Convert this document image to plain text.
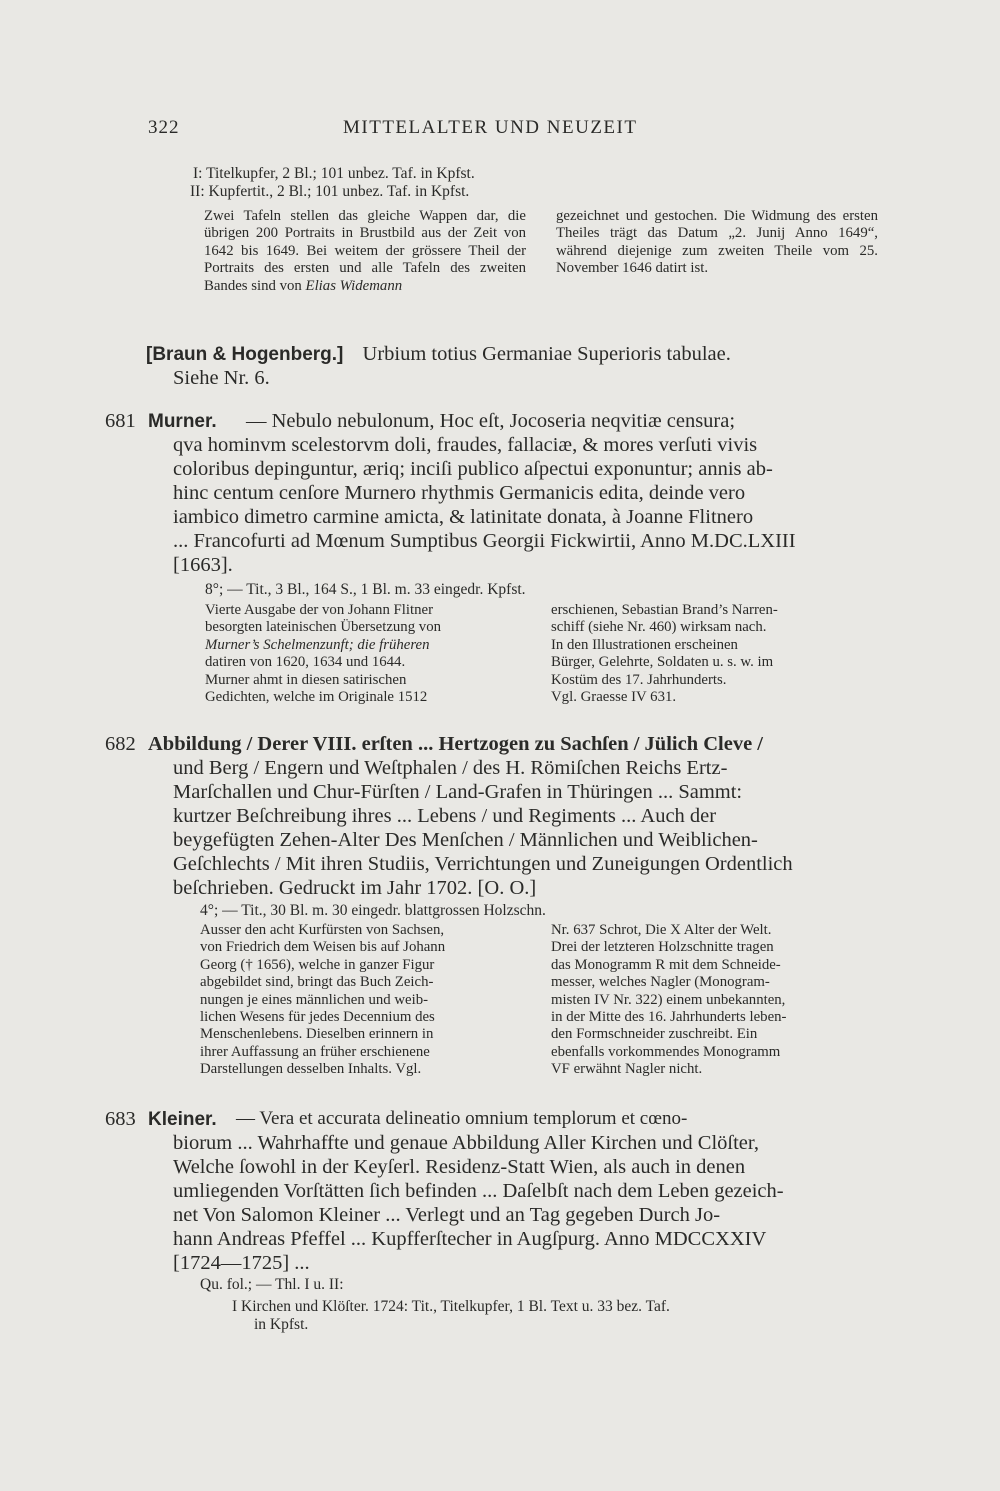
322	MITTELALTER UND NEUZEIT
I: Titelkupfer, 2 Bl.; 101 unbez. Taf. in Kpfst.
II: Kupfertit., 2 Bl.; 101 unbez. Taf. in Kpfst.
Zwei Tafeln stellen das gleiche Wappen dar, die übrigen 200 Portraits in Brustbild aus der Zeit von 1642 bis 1649. Bei weitem der grössere Theil der Portraits des ersten und alle Tafeln des zweiten Bandes sind von Elias Widemann
gezeichnet und gestochen. Die Widmung des ersten Theiles trägt das Datum „2. Junij Anno 1649“, während diejenige zum zweiten Theile vom 25. November 1646 datirt ist.
[Braun & Hogenberg.] Urbium totius Germaniae Superioris tabulae.
Siehe Nr. 6.
681 Murner. — Nebulo nebulonum, Hoc eſt, Jocoseria neqvitiæ censura;
qva hominvm scelestorvm doli, fraudes, fallaciæ, & mores verſuti vivis
coloribus depinguntur, æriq; inciſi publico aſpectui exponuntur; annis ab-
hinc centum cenſore Murnero rhythmis Germanicis edita, deinde vero
iambico dimetro carmine amicta, & latinitate donata, à Joanne Flitnero
... Francofurti ad Mœnum Sumptibus Georgii Fickwirtii, Anno M.DC.LXIII
[1663].
8°; — Tit., 3 Bl., 164 S., 1 Bl. m. 33 eingedr. Kpfst.

Vierte Ausgabe der von Johann Flitner

besorgten lateinischen Übersetzung von

Murner’s Schelmenzunft; die früheren

datiren von 1620, 1634 und 1644.

Murner ahmt in diesen satirischen

Gedichten, welche im Originale 1512

erschienen, Sebastian Brand’s Narren-

schiff (siehe Nr. 460) wirksam nach.

In den Illustrationen erscheinen

Bürger, Gelehrte, Soldaten u. s. w. im

Kostüm des 17. Jahrhunderts.

Vgl. Graesse IV 631.

682 Abbildung / Derer VIII. erſten ... Hertzogen zu Sachſen / Jülich Cleve /
und Berg / Engern und Weſtphalen / des H. Römiſchen Reichs Ertz-
Marſchallen und Chur-Fürſten / Land-Grafen in Thüringen ... Sammt:
kurtzer Beſchreibung ihres ... Lebens / und Regiments ... Auch der
beygefügten Zehen-Alter Des Menſchen / Männlichen und Weiblichen-
Geſchlechts / Mit ihren Studiis, Verrichtungen und Zuneigungen Ordentlich
beſchrieben. Gedruckt im Jahr 1702. [O. O.]
4°; — Tit., 30 Bl. m. 30 eingedr. blattgrossen Holzschn.

Ausser den acht Kurfürsten von Sachsen,

von Friedrich dem Weisen bis auf Johann

Georg († 1656), welche in ganzer Figur

abgebildet sind, bringt das Buch Zeich-

nungen je eines männlichen und weib-

lichen Wesens für jedes Decennium des

Menschenlebens. Dieselben erinnern in

ihrer Auffassung an früher erschienene

Darstellungen desselben Inhalts. Vgl.

Nr. 637 Schrot, Die X Alter der Welt.

Drei der letzteren Holzschnitte tragen

das Monogramm R mit dem Schneide-

messer, welches Nagler (Monogram-

misten IV Nr. 322) einem unbekannten,

in der Mitte des 16. Jahrhunderts leben-

den Formschneider zuschreibt. Ein

ebenfalls vorkommendes Monogramm

VF erwähnt Nagler nicht.

683 Kleiner. — Vera et accurata delineatio omnium templorum et cœno-
biorum ... Wahrhaffte und genaue Abbildung Aller Kirchen und Clöſter,
Welche ſowohl in der Keyſerl. Residenz-Statt Wien, als auch in denen
umliegenden Vorſtätten ſich befinden ... Daſelbſt nach dem Leben gezeich-
net Von Salomon Kleiner ... Verlegt und an Tag gegeben Durch Jo-
hann Andreas Pfeffel ... Kupfferſtecher in Augſpurg. Anno MDCCXXIV
[1724—1725] ...
Qu. fol.; — Thl. I u. II:
I Kirchen und Klöſter. 1724: Tit., Titelkupfer, 1 Bl. Text u. 33 bez. Taf.
in Kpfst.
